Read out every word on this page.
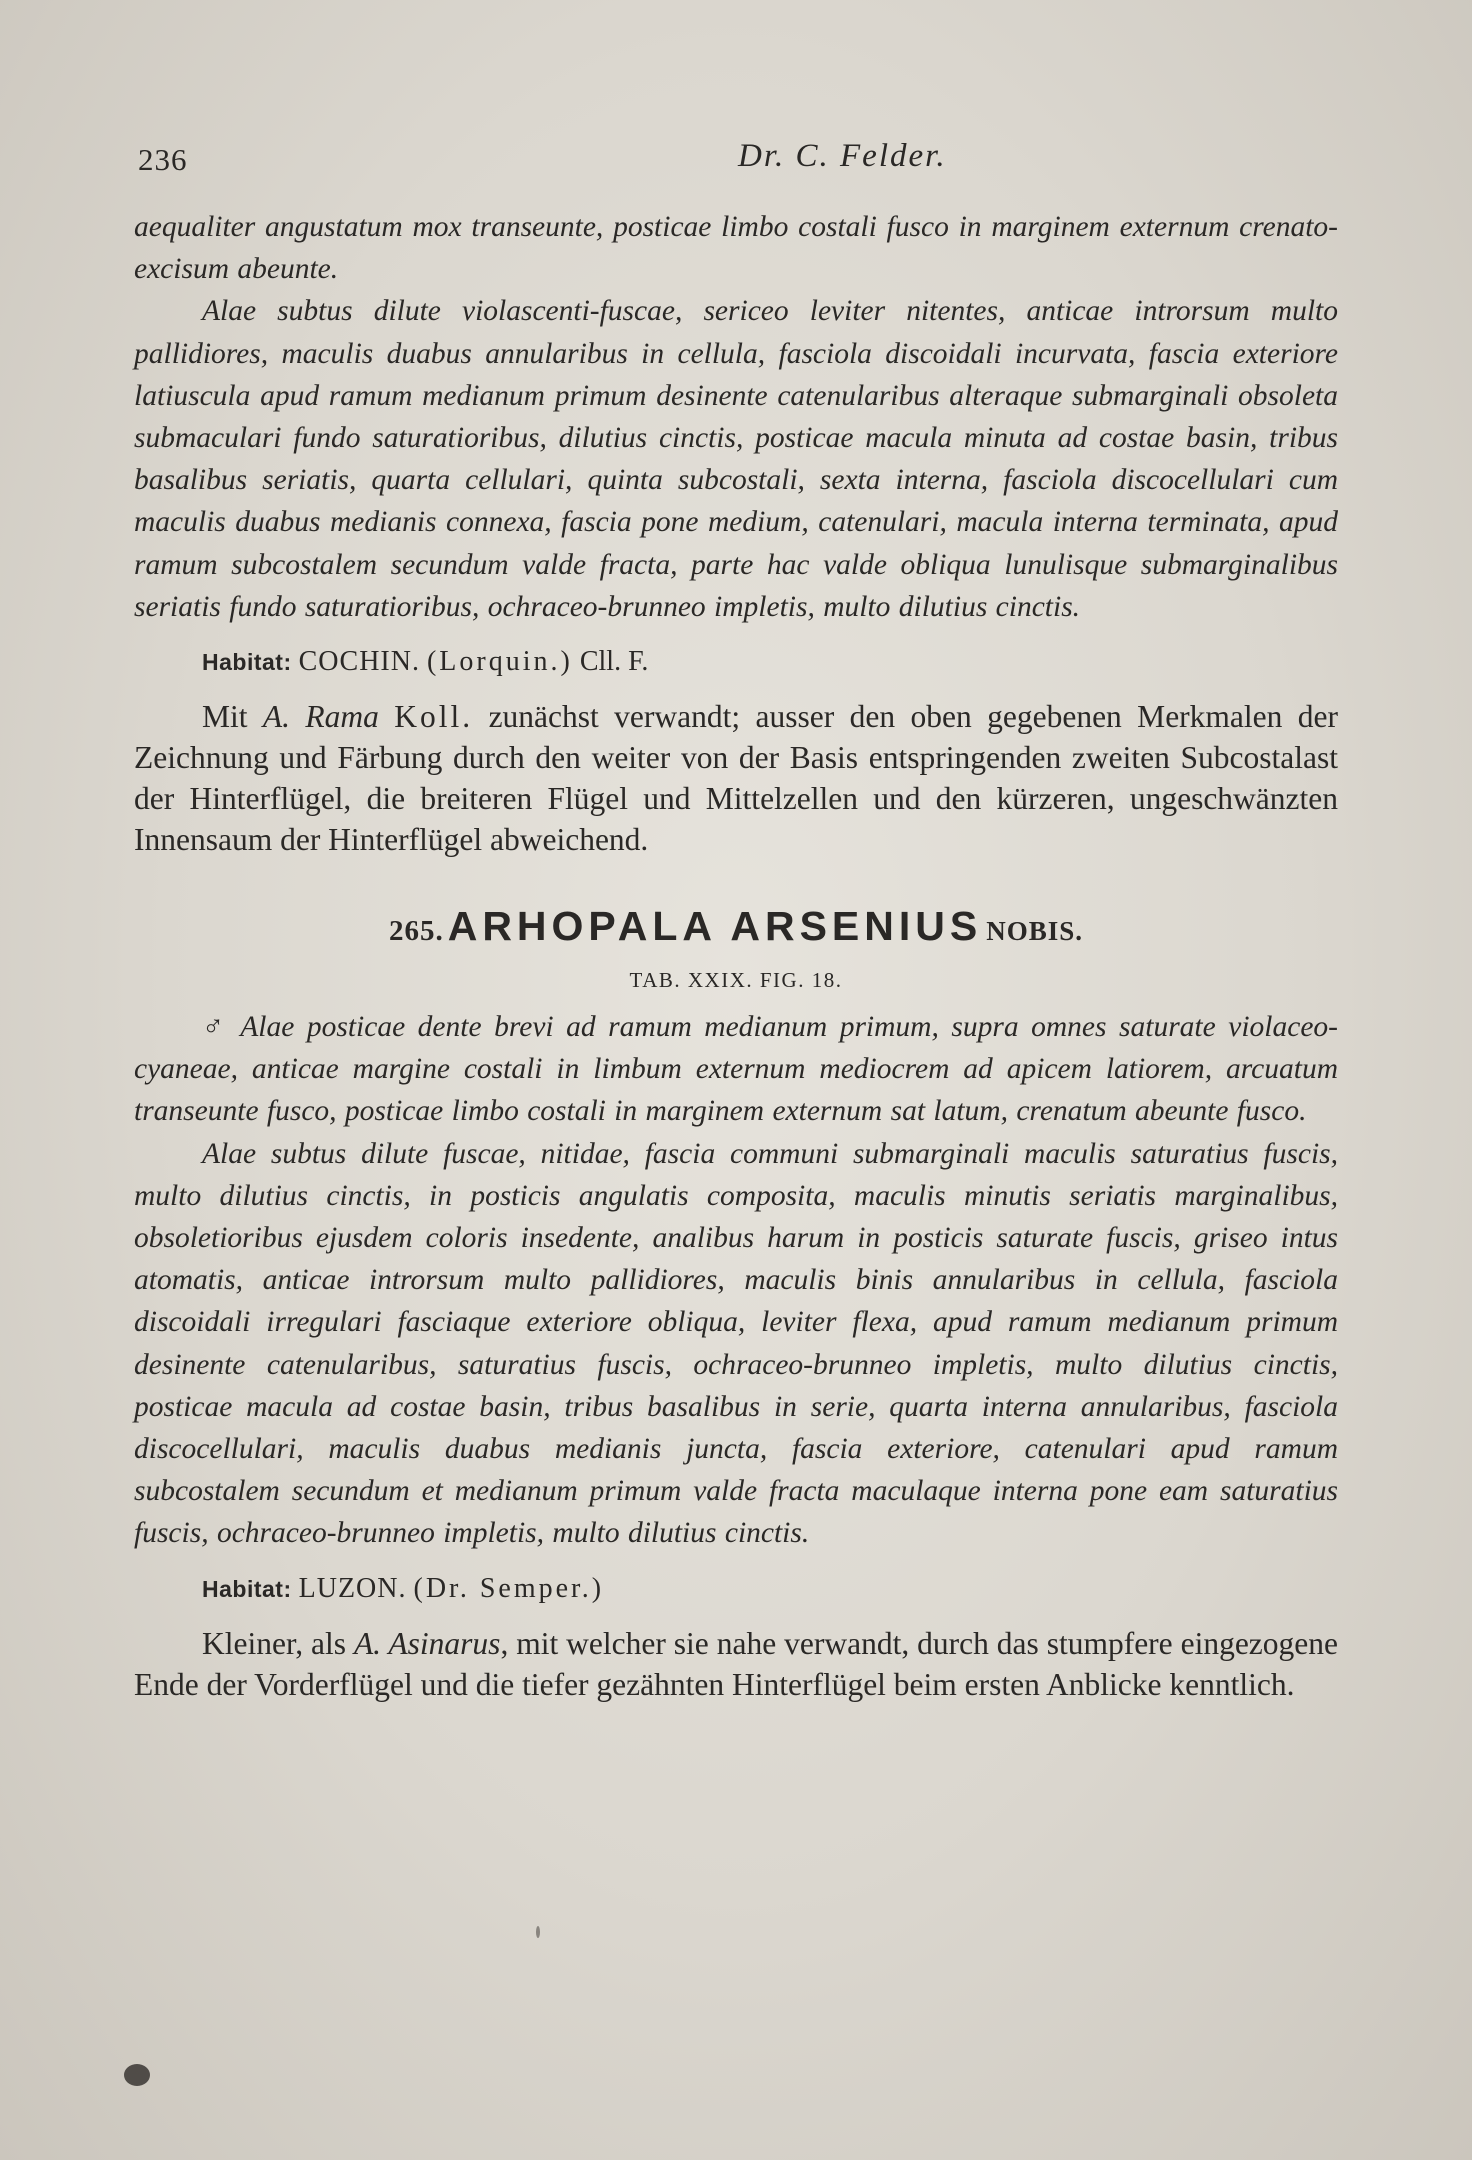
236	Dr. C. Felder.

aequaliter angustatum mox transeunte, posticae limbo costali fusco in marginem externum crenato-excisum abeunte.

Alae subtus dilute violascenti-fuscae, sericeo leviter nitentes, anticae introrsum multo pallidiores, maculis duabus annularibus in cellula, fasciola discoidali incurvata, fascia exteriore latiuscula apud ramum medianum primum desinente catenularibus alteraque submarginali obsoleta submaculari fundo saturatioribus, dilutius cinctis, posticae macula minuta ad costae basin, tribus basalibus seriatis, quarta cellulari, quinta subcostali, sexta interna, fasciola discocellulari cum maculis duabus medianis connexa, fascia pone medium, catenulari, macula interna terminata, apud ramum subcostalem secundum valde fracta, parte hac valde obliqua lunulisque submarginalibus seriatis fundo saturatioribus, ochraceo-brunneo impletis, multo dilutius cinctis.

Habitat: COCHIN. (Lorquin.) Cll. F.

Mit A. Rama Koll. zunächst verwandt; ausser den oben gegebenen Merkmalen der Zeichnung und Färbung durch den weiter von der Basis entspringenden zweiten Subcostalast der Hinterflügel, die breiteren Flügel und Mittelzellen und den kürzeren, ungeschwänzten Innensaum der Hinterflügel abweichend.

265. ARHOPALA ARSENIUS NOBIS.
TAB. XXIX. FIG. 18.

♂ Alae posticae dente brevi ad ramum medianum primum, supra omnes saturate violaceo-cyaneae, anticae margine costali in limbum externum mediocrem ad apicem latiorem, arcuatum transeunte fusco, posticae limbo costali in marginem externum sat latum, crenatum abeunte fusco.

Alae subtus dilute fuscae, nitidae, fascia communi submarginali maculis saturatius fuscis, multo dilutius cinctis, in posticis angulatis composita, maculis minutis seriatis marginalibus, obsoletioribus ejusdem coloris insedente, analibus harum in posticis saturate fuscis, griseo intus atomatis, anticae introrsum multo pallidiores, maculis binis annularibus in cellula, fasciola discoidali irregulari fasciaque exteriore obliqua, leviter flexa, apud ramum medianum primum desinente catenularibus, saturatius fuscis, ochraceo-brunneo impletis, multo dilutius cinctis, posticae macula ad costae basin, tribus basalibus in serie, quarta interna annularibus, fasciola discocellulari, maculis duabus medianis juncta, fascia exteriore, catenulari apud ramum subcostalem secundum et medianum primum valde fracta maculaque interna pone eam saturatius fuscis, ochraceo-brunneo impletis, multo dilutius cinctis.

Habitat: LUZON. (Dr. Semper.)

Kleiner, als A. Asinarus, mit welcher sie nahe verwandt, durch das stumpfere eingezogene Ende der Vorderflügel und die tiefer gezähnten Hinterflügel beim ersten Anblicke kenntlich.
